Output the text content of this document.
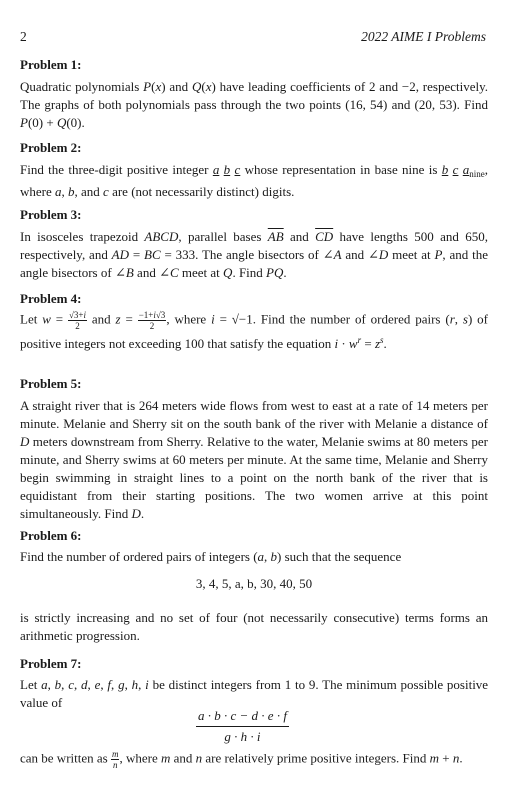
2	2022 AIME I Problems
Problem 1:
Quadratic polynomials P(x) and Q(x) have leading coefficients of 2 and −2, respectively. The graphs of both polynomials pass through the two points (16, 54) and (20, 53). Find P(0) + Q(0).
Problem 2:
Find the three-digit positive integer a b c whose representation in base nine is b c $a_{nine}$, where a, b, and c are (not necessarily distinct) digits.
Problem 3:
In isosceles trapezoid ABCD, parallel bases $\overline{AB}$ and $\overline{CD}$ have lengths 500 and 650, respectively, and AD = BC = 333. The angle bisectors of ∠A and ∠D meet at P, and the angle bisectors of ∠B and ∠C meet at Q. Find PQ.
Problem 4:
Let $w = \frac{√3+i}{2}$ and $z = \frac{-1+i√3}{2}$ , where i = √−1. Find the number of ordered pairs (r, s) of positive integers not exceeding 100 that satisfy the equation $i \cdot w^r = z^s$.
Problem 5:
A straight river that is 264 meters wide flows from west to east at a rate of 14 meters per minute. Melanie and Sherry sit on the south bank of the river with Melanie a distance of D meters downstream from Sherry. Relative to the water, Melanie swims at 80 meters per minute, and Sherry swims at 60 meters per minute. At the same time, Melanie and Sherry begin swimming in straight lines to a point on the north bank of the river that is equidistant from their starting positions. The two women arrive at this point simultaneously. Find D.
Problem 6:
Find the number of ordered pairs of integers (a, b) such that the sequence
3, 4, 5, a, b, 30, 40, 50
is strictly increasing and no set of four (not necessarily consecutive) terms forms an arithmetic progression.
Problem 7:
Let a, b, c, d, e, f, g, h, i be distinct integers from 1 to 9. The minimum possible positive value of
$\frac{a \cdot b \cdot c - d \cdot e \cdot f}{g \cdot h \cdot i}$
can be written as $\frac{m}{n}$ , where m and n are relatively prime positive integers. Find m + n.
